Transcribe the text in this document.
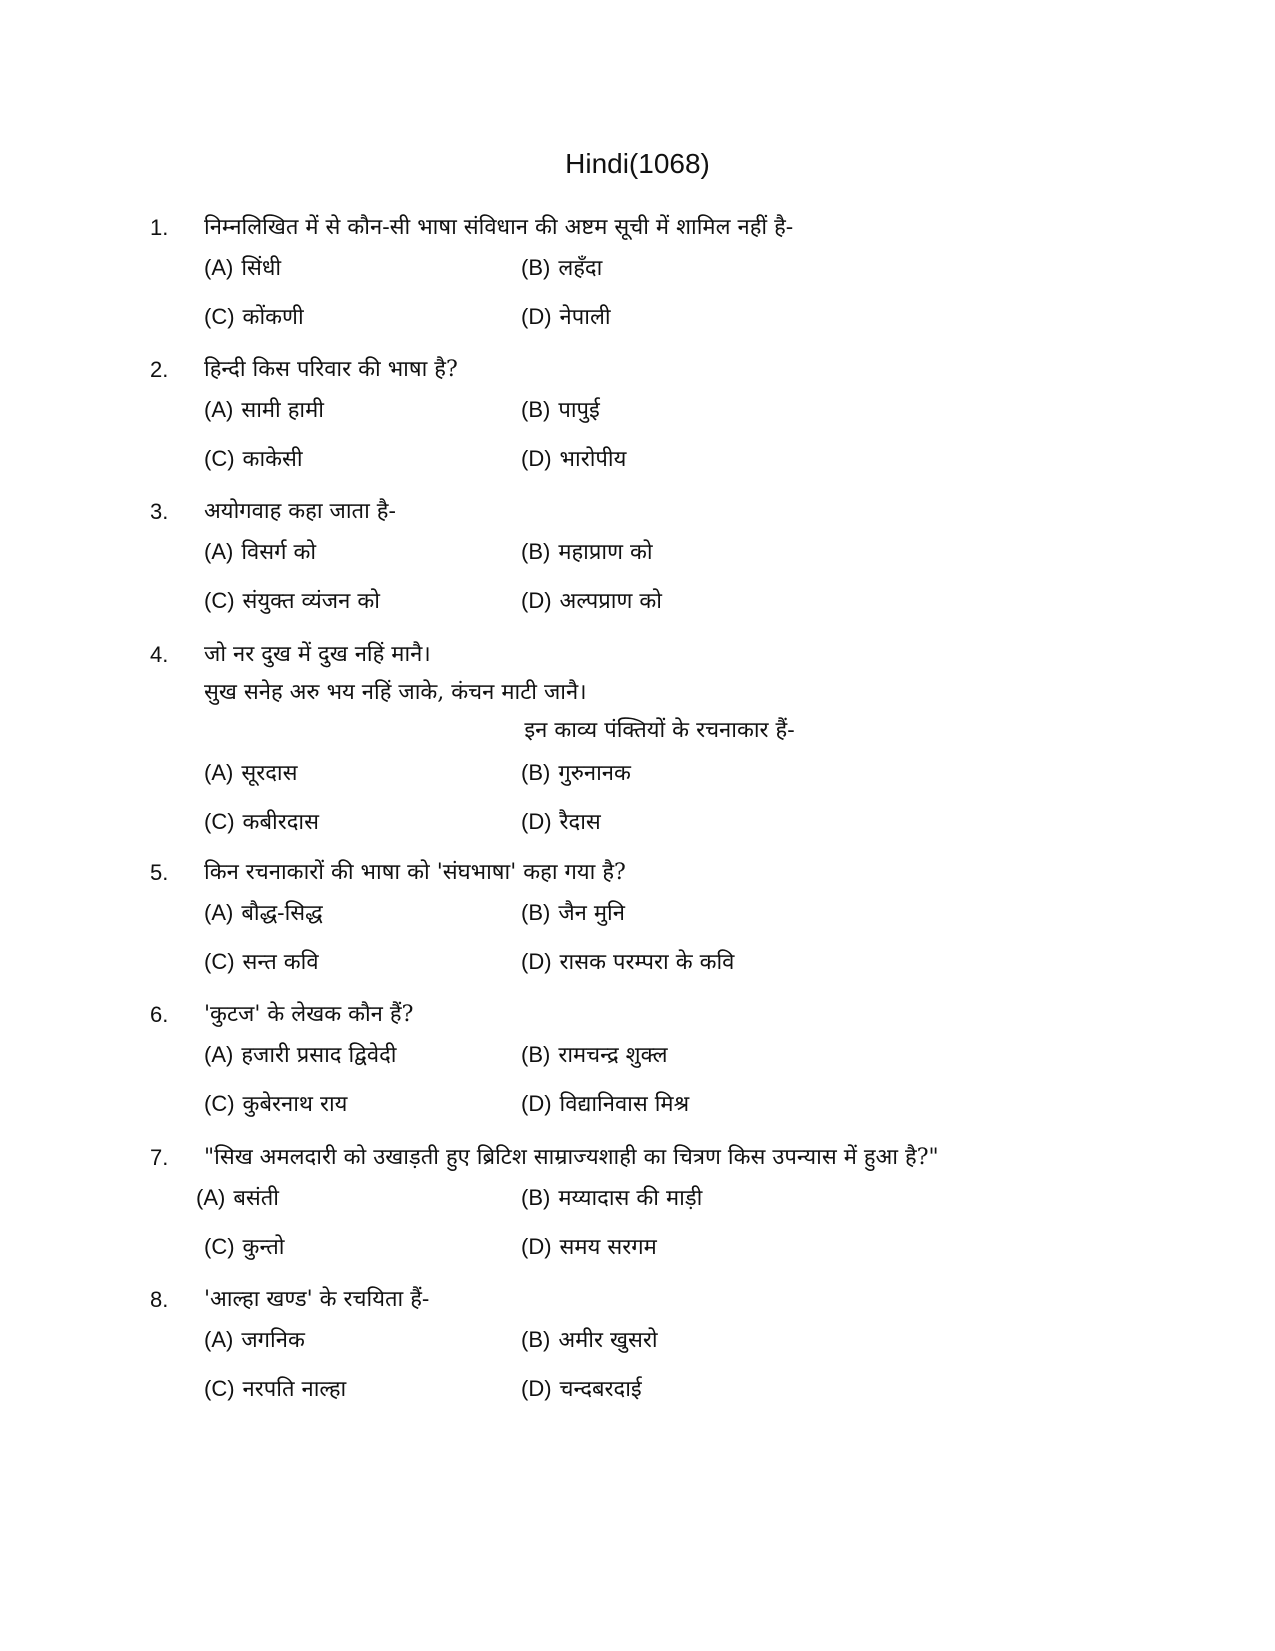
Hindi(1068)
1. निम्नलिखित में से कौन-सी भाषा संविधान की अष्टम सूची में शामिल नहीं है-
(A) सिंधी	(B) लहँदा
(C) कोंकणी	(D) नेपाली
2. हिन्दी किस परिवार की भाषा है?
(A) सामी हामी	(B) पापुई
(C) काकेसी	(D) भारोपीय
3. अयोगवाह कहा जाता है-
(A) विसर्ग को	(B) महाप्राण को
(C) संयुक्त व्यंजन को	(D) अल्पप्राण को
4. जो नर दुख में दुख नहिं मानै।
सुख सनेह अरु भय नहिं जाके, कंचन माटी जानै।
इन काव्य पंक्तियों के रचनाकार हैं-
(A) सूरदास	(B) गुरुनानक
(C) कबीरदास	(D) रैदास
5. किन रचनाकारों की भाषा को 'संघभाषा' कहा गया है?
(A) बौद्ध-सिद्ध	(B) जैन मुनि
(C) सन्त कवि	(D) रासक परम्परा के कवि
6. 'कुटज' के लेखक कौन हैं?
(A) हजारी प्रसाद द्विवेदी	(B) रामचन्द्र शुक्ल
(C) कुबेरनाथ राय	(D) विद्यानिवास मिश्र
7. "सिख अमलदारी को उखाड़ती हुए ब्रिटिश साम्राज्यशाही का चित्रण किस उपन्यास में हुआ है?"
(A) बसंती	(B) मय्यादास की माड़ी
(C) कुन्तो	(D) समय सरगम
8. 'आल्हा खण्ड' के रचयिता हैं-
(A) जगनिक	(B) अमीर खुसरो
(C) नरपति नाल्हा	(D) चन्दबरदाई
